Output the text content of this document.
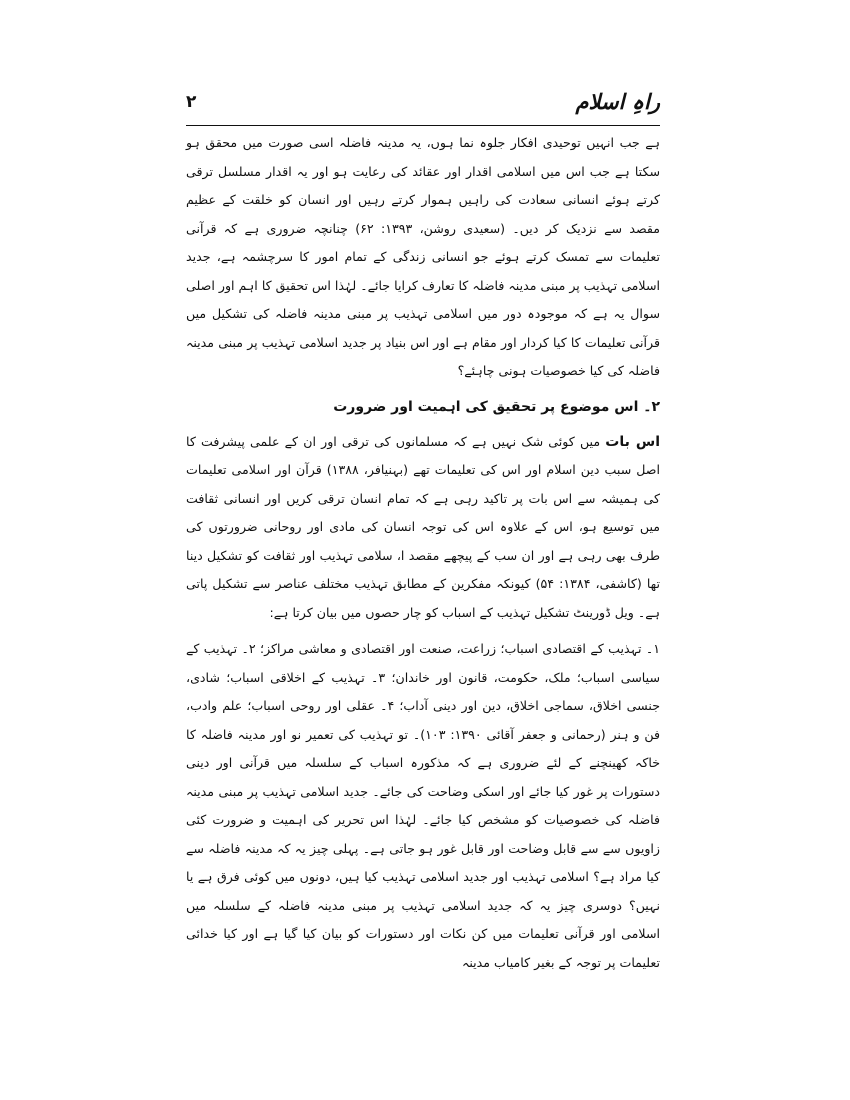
راہِ اسلام
۲

ہے جب انہیں توحیدی افکار جلوہ نما ہوں، یہ مدینہ فاضلہ اسی صورت میں محقق ہو سکتا ہے جب اس میں اسلامی اقدار اور عقائد کی رعایت ہو اور یہ اقدار مسلسل ترقی کرتے ہوئے انسانی سعادت کی راہیں ہموار کرتے رہیں اور انسان کو خلقت کے عظیم مقصد سے نزدیک کر دیں۔ (سعیدی روشن، ۱۳۹۳: ۶۲) چنانچہ ضروری ہے کہ قرآنی تعلیمات سے تمسک کرتے ہوئے جو انسانی زندگی کے تمام امور کا سرچشمہ ہے، جدید اسلامی تہذیب پر مبنی مدینہ فاضلہ کا تعارف کرایا جائے۔ لہٰذا اس تحقیق کا اہم اور اصلی سوال یہ ہے کہ موجودہ دور میں اسلامی تہذیب پر مبنی مدینہ فاضلہ کی تشکیل میں قرآنی تعلیمات کا کیا کردار اور مقام ہے اور اس بنیاد پر جدید اسلامی تہذیب پر مبنی مدینہ فاضلہ کی کیا خصوصیات ہونی چاہئے؟

۲۔ اس موضوع پر تحقیق کی اہمیت اور ضرورت

اس بات میں کوئی شک نہیں ہے کہ مسلمانوں کی ترقی اور ان کے علمی پیشرفت کا اصل سبب دین اسلام اور اس کی تعلیمات تھے (بہنیافر، ۱۳۸۸) قرآن اور اسلامی تعلیمات کی ہمیشہ سے اس بات پر تاکید رہی ہے کہ تمام انسان ترقی کریں اور انسانی ثقافت میں توسیع ہو، اس کے علاوہ اس کی توجہ انسان کی مادی اور روحانی ضرورتوں کی طرف بھی رہی ہے اور ان سب کے پیچھے مقصد ا، سلامی تہذیب اور ثقافت کو تشکیل دینا تھا (کاشفی، ۱۳۸۴: ۵۴) کیونکہ مفکرین کے مطابق تہذیب مختلف عناصر سے تشکیل پاتی ہے۔ ویل ڈورینٹ تشکیل تہذیب کے اسباب کو چار حصوں میں بیان کرتا ہے:

۱۔ تہذیب کے اقتصادی اسباب؛ زراعت، صنعت اور اقتصادی و معاشی مراکز؛ ۲۔ تہذیب کے سیاسی اسباب؛ ملک، حکومت، قانون اور خاندان؛ ۳۔ تہذیب کے اخلاقی اسباب؛ شادی، جنسی اخلاق، سماجی اخلاق، دین اور دینی آداب؛ ۴۔ عقلی اور روحی اسباب؛ علم وادب، فن و ہنر (رحمانی و جعفر آقائی ۱۳۹۰: ۱۰۳)۔ تو تہذیب کی تعمیر نو اور مدینہ فاضلہ کا خاکہ کھینچنے کے لئے ضروری ہے کہ مذکورہ اسباب کے سلسلہ میں قرآنی اور دینی دستورات پر غور کیا جائے اور اسکی وضاحت کی جائے۔ جدید اسلامی تہذیب پر مبنی مدینہ فاضلہ کی خصوصیات کو مشخص کیا جائے۔ لہٰذا اس تحریر کی اہمیت و ضرورت کئی زاویوں سے سے قابل وضاحت اور قابل غور ہو جاتی ہے۔ پہلی چیز یہ کہ مدینہ فاضلہ سے کیا مراد ہے؟ اسلامی تہذیب اور جدید اسلامی تہذیب کیا ہیں، دونوں میں کوئی فرق ہے یا نہیں؟ دوسری چیز یہ کہ جدید اسلامی تہذیب پر مبنی مدینہ فاضلہ کے سلسلہ میں اسلامی اور قرآنی تعلیمات میں کن نکات اور دستورات کو بیان کیا گیا ہے اور کیا خدائی تعلیمات پر توجہ کے بغیر کامیاب مدینہ
